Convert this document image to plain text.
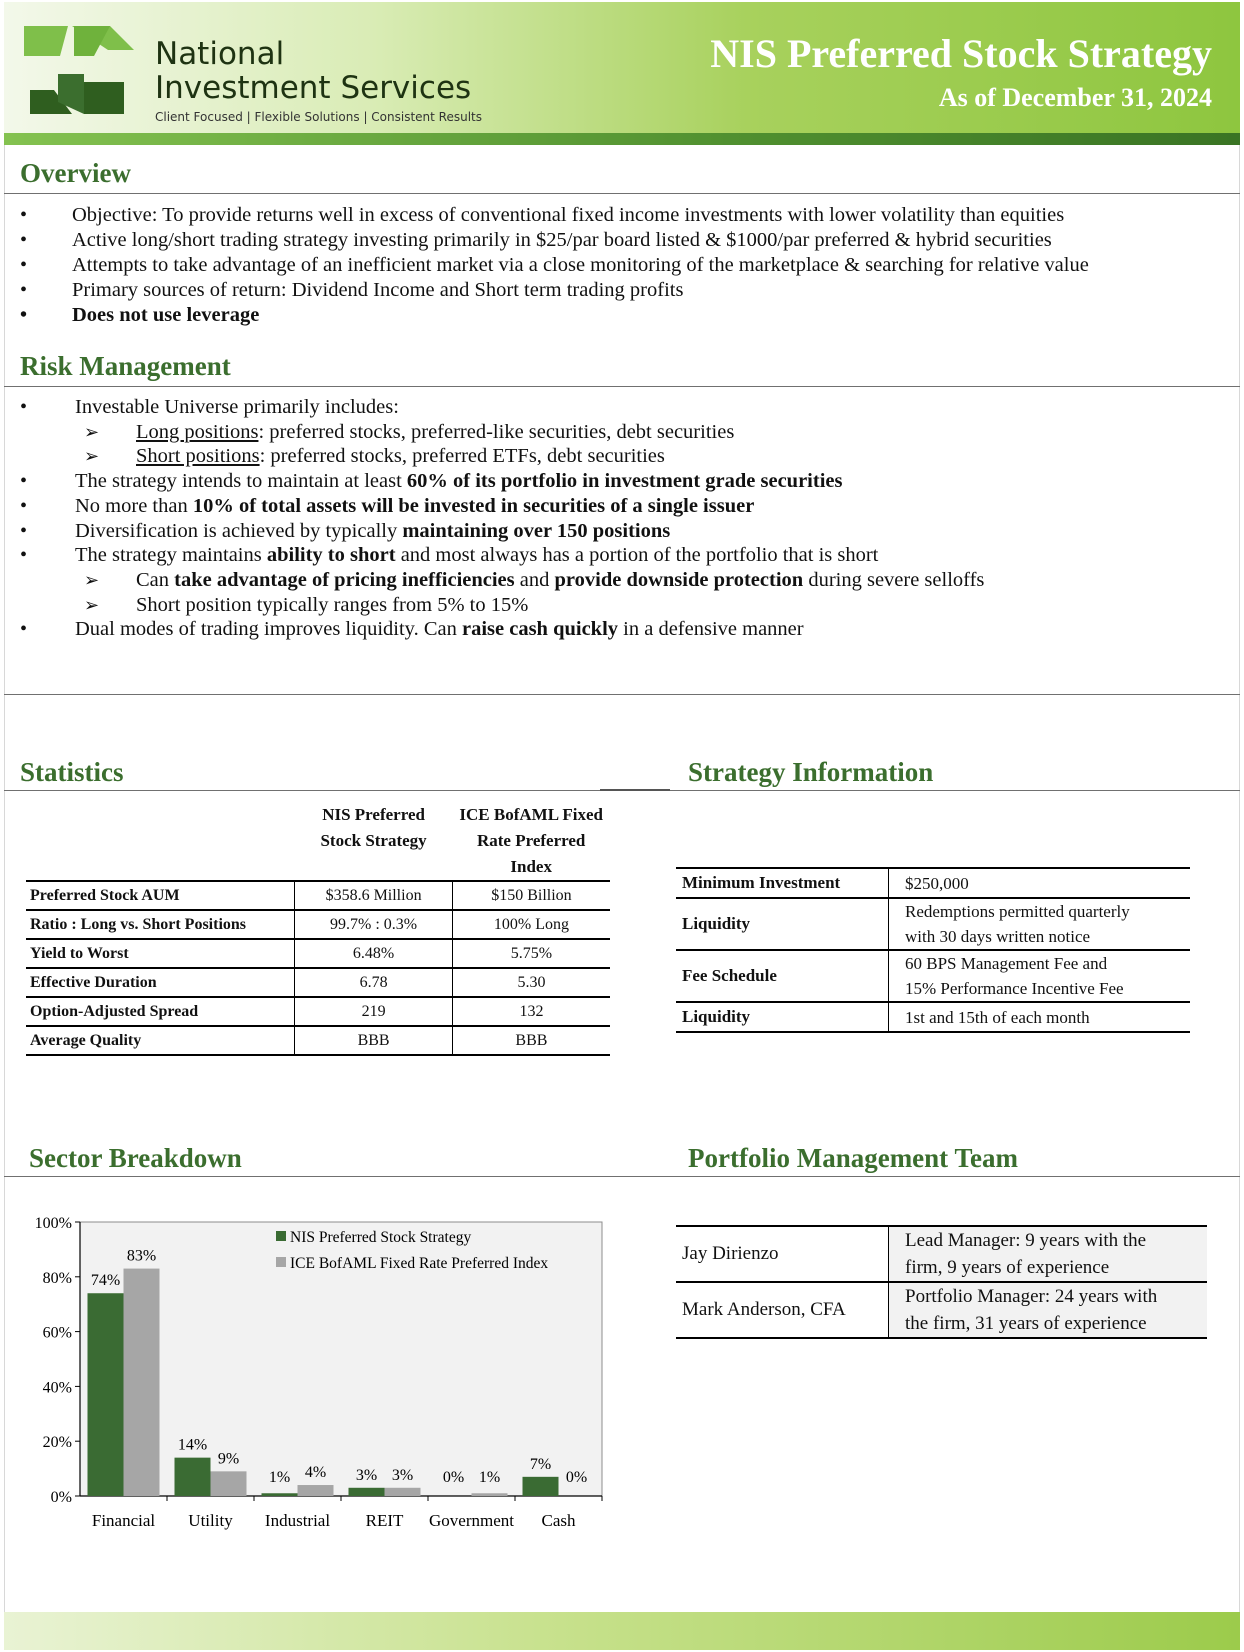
National
Investment Services
Client Focused | Flexible Solutions | Consistent Results
NIS Preferred Stock Strategy
As of December 31, 2024
Overview
• Objective: To provide returns well in excess of conventional fixed income investments with lower volatility than equities
• Active long/short trading strategy investing primarily in $25/par board listed & $1000/par preferred & hybrid securities
• Attempts to take advantage of an inefficient market via a close monitoring of the marketplace & searching for relative value
• Primary sources of return: Dividend Income and Short term trading profits
• Does not use leverage
Risk Management
• Investable Universe primarily includes:
➢ Long positions: preferred stocks, preferred-like securities, debt securities
➢ Short positions: preferred stocks, preferred ETFs, debt securities
• The strategy intends to maintain at least 60% of its portfolio in investment grade securities
• No more than 10% of total assets will be invested in securities of a single issuer
• Diversification is achieved by typically maintaining over 150 positions
• The strategy maintains ability to short and most always has a portion of the portfolio that is short
➢ Can take advantage of pricing inefficiencies and provide downside protection during severe selloffs
➢ Short position typically ranges from 5% to 15%
• Dual modes of trading improves liquidity. Can raise cash quickly in a defensive manner
Statistics
	NIS Preferred
Stock Strategy	ICE BofAML Fixed
Rate Preferred
Index
Preferred Stock AUM	$358.6 Million	$150 Billion
Ratio : Long vs. Short Positions	99.7% : 0.3%	100% Long
Yield to Worst	6.48%	5.75%
Effective Duration	6.78	5.30
Option-Adjusted Spread	219	132
Average Quality	BBB	BBB
Strategy Information
Minimum Investment	$250,000
Liquidity	Redemptions permitted quarterly
with 30 days written notice
Fee Schedule	60 BPS Management Fee and
15% Performance Incentive Fee
Liquidity	1st and 15th of each month
Sector Breakdown
0%
20%
40%
60%
80%
100%
Financial
74%
83%
Utility
14%
9%
Industrial
1% 4%
REIT
3% 3%
Government
0% 1%
Cash
7%
0%
NIS Preferred Stock Strategy
ICE BofAML Fixed Rate Preferred Index
Portfolio Management Team
Jay Dirienzo	Lead Manager: 9 years with the
firm, 9 years of experience
Mark Anderson, CFA	Portfolio Manager: 24 years with
the firm, 31 years of experience
